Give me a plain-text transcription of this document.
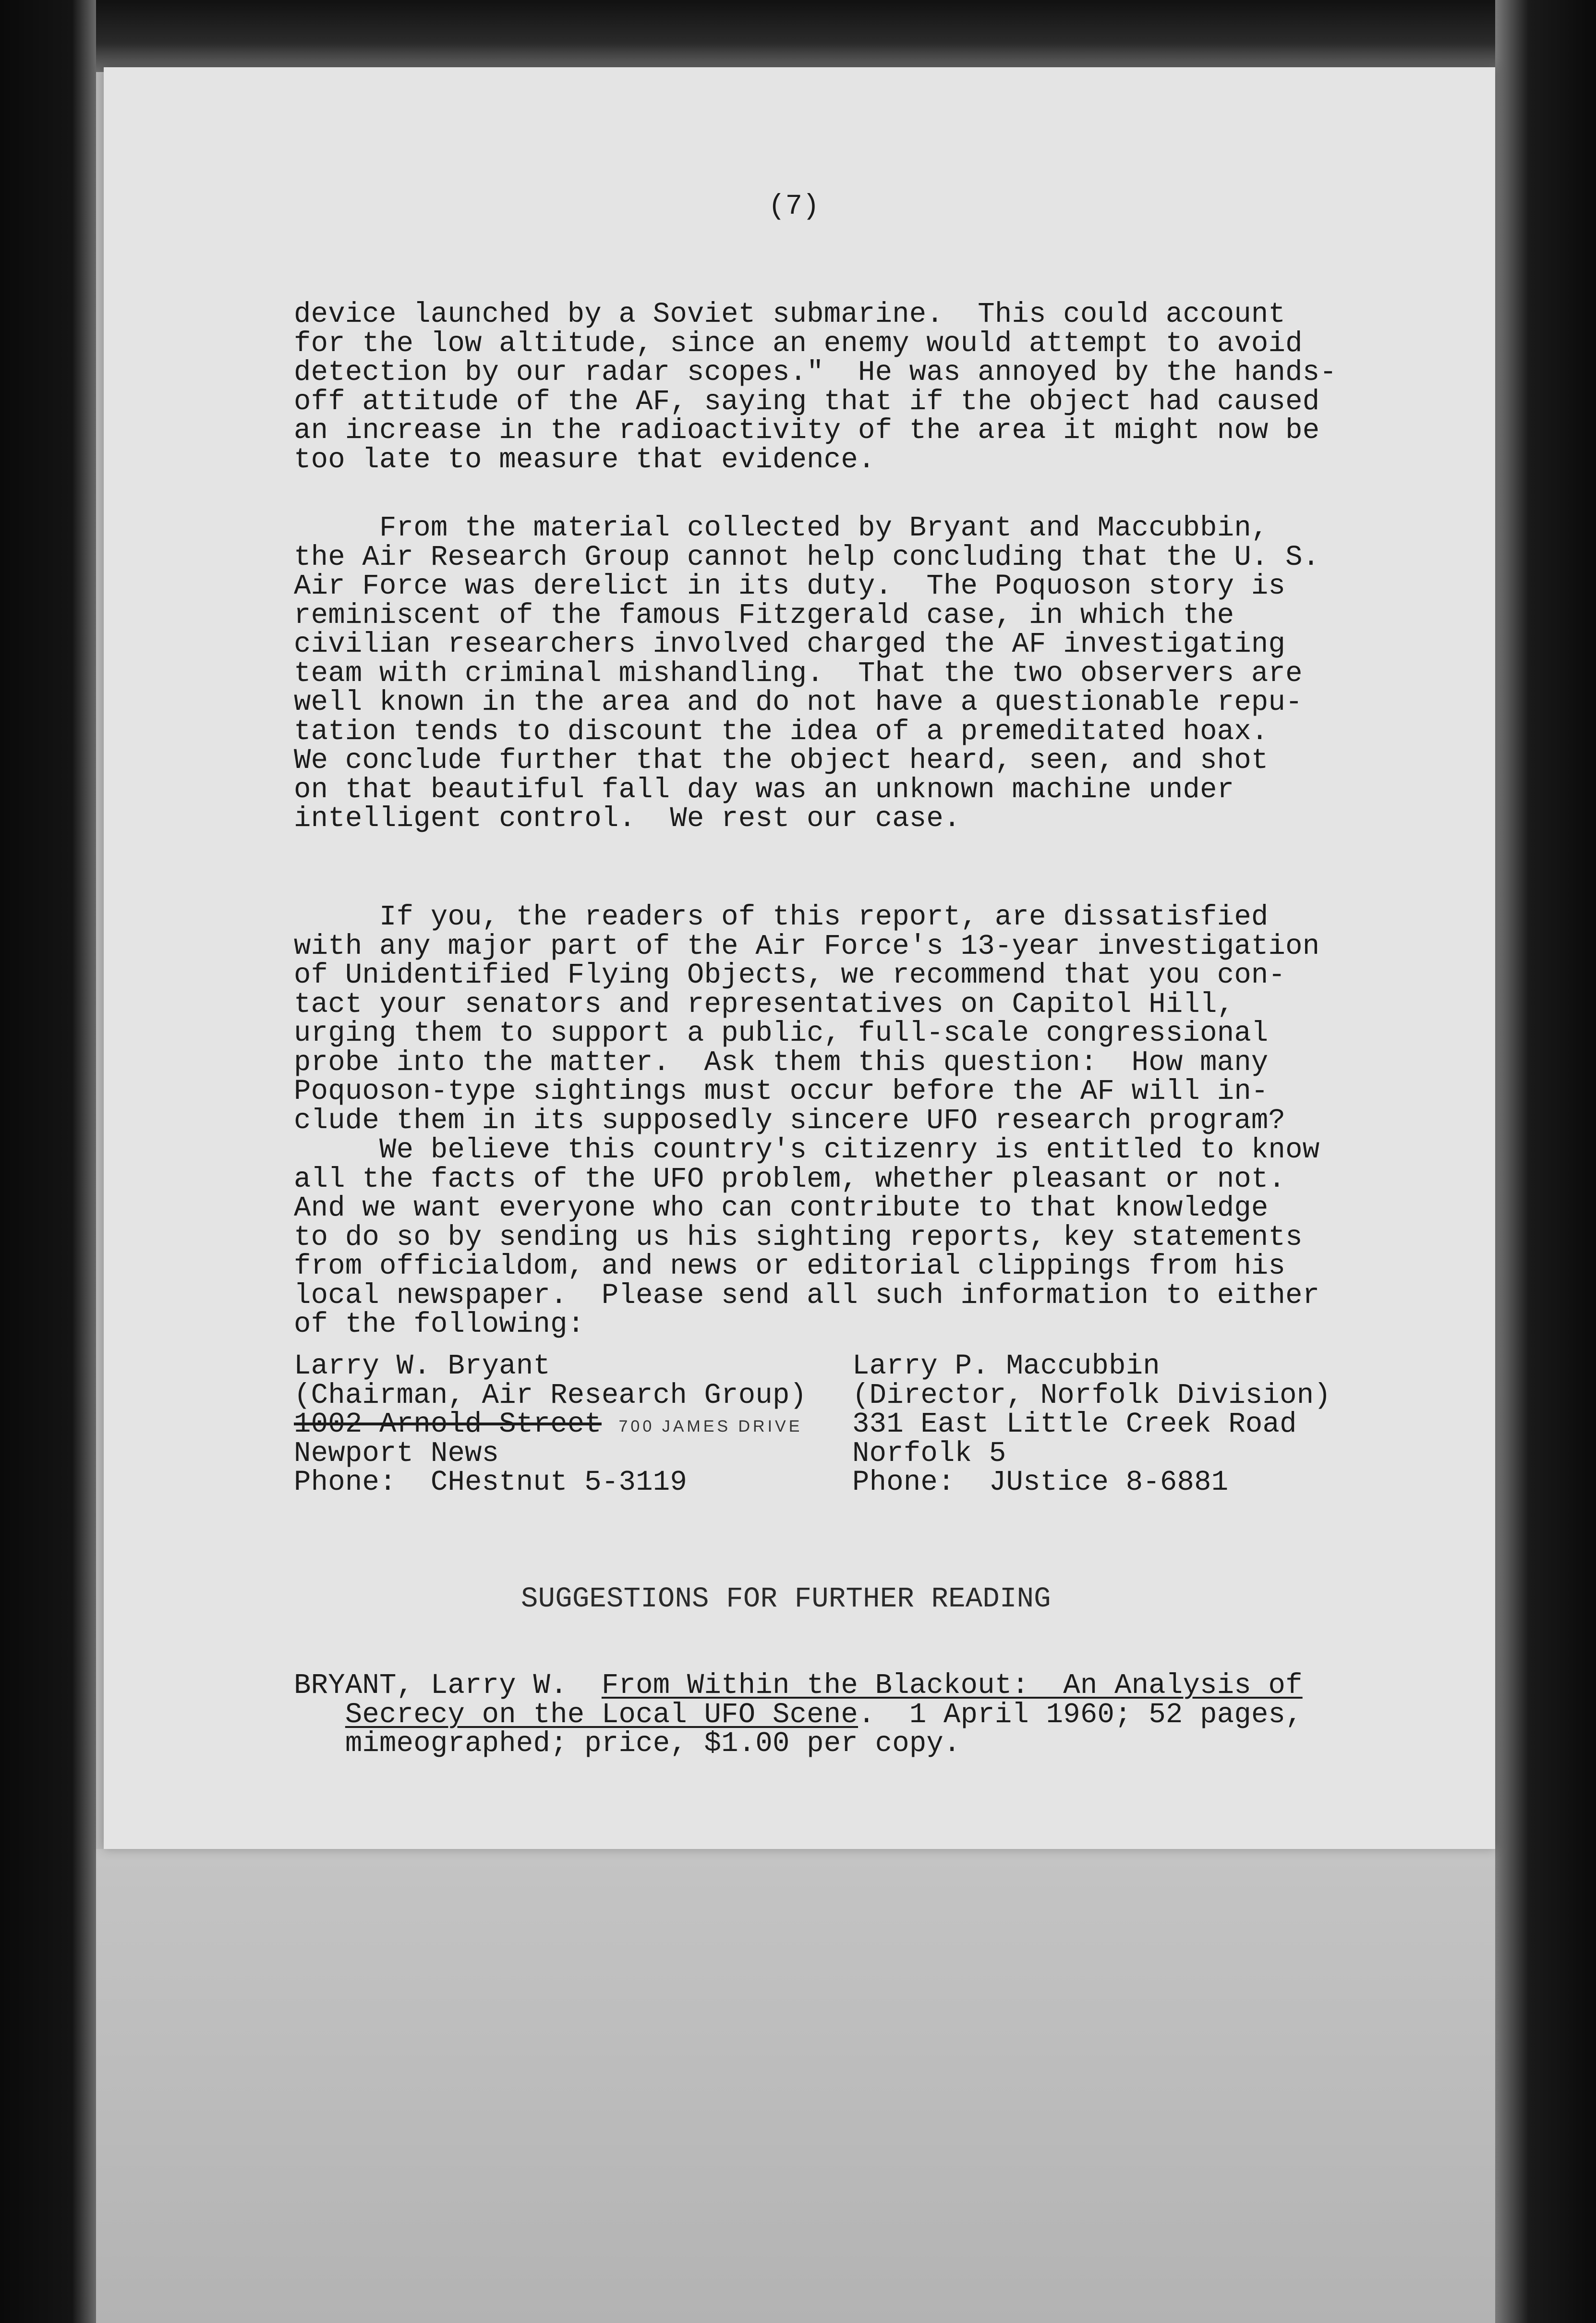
(7)
device launched by a Soviet submarine.  This could account
for the low altitude, since an enemy would attempt to avoid
detection by our radar scopes."  He was annoyed by the hands-
off attitude of the AF, saying that if the object had caused
an increase in the radioactivity of the area it might now be
too late to measure that evidence.
From the material collected by Bryant and Maccubbin,
the Air Research Group cannot help concluding that the U. S.
Air Force was derelict in its duty.  The Poquoson story is
reminiscent of the famous Fitzgerald case, in which the
civilian researchers involved charged the AF investigating
team with criminal mishandling.  That the two observers are
well known in the area and do not have a questionable repu-
tation tends to discount the idea of a premeditated hoax.
We conclude further that the object heard, seen, and shot
on that beautiful fall day was an unknown machine under
intelligent control.  We rest our case.
If you, the readers of this report, are dissatisfied
with any major part of the Air Force's 13-year investigation
of Unidentified Flying Objects, we recommend that you con-
tact your senators and representatives on Capitol Hill,
urging them to support a public, full-scale congressional
probe into the matter.  Ask them this question:  How many
Poquoson-type sightings must occur before the AF will in-
clude them in its supposedly sincere UFO research program?
We believe this country's citizenry is entitled to know
all the facts of the UFO problem, whether pleasant or not.
And we want everyone who can contribute to that knowledge
to do so by sending us his sighting reports, key statements
from officialdom, and news or editorial clippings from his
local newspaper.  Please send all such information to either
of the following:
Larry W. Bryant
(Chairman, Air Research Group)
1002 Arnold Street 700 JAMES DRIVE
Newport News
Phone:  CHestnut 5-3119
Larry P. Maccubbin
(Director, Norfolk Division)
331 East Little Creek Road
Norfolk 5
Phone:  JUstice 8-6881
SUGGESTIONS FOR FURTHER READING
BRYANT, Larry W.  From Within the Blackout:  An Analysis of
Secrecy on the Local UFO Scene.  1 April 1960; 52 pages,
mimeographed; price, $1.00 per copy.
